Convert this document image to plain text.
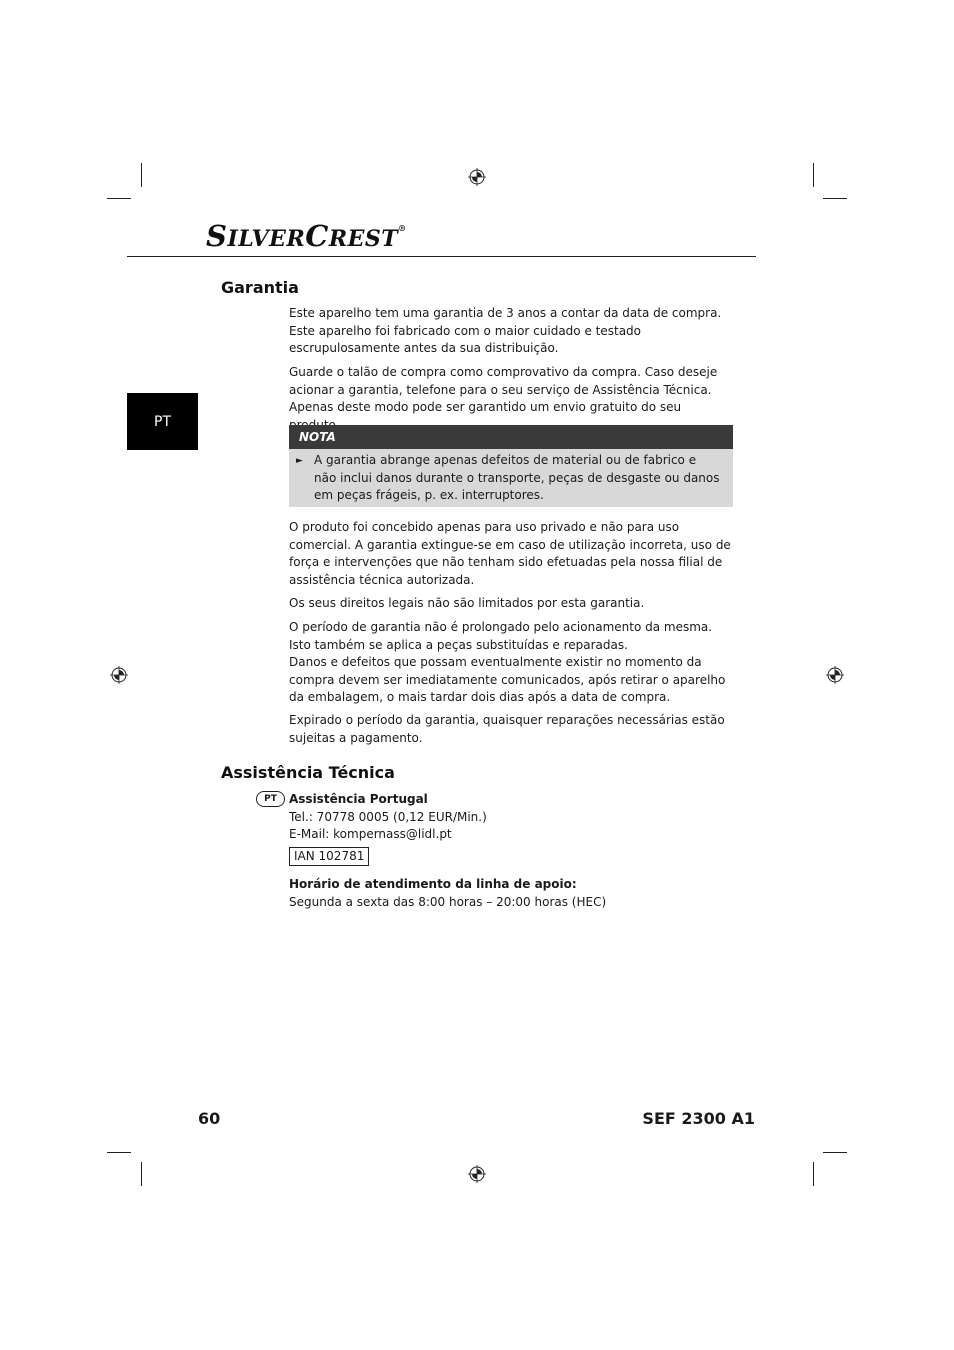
SILVERCREST®
PT
Garantia

Este aparelho tem uma garantia de 3 anos a contar da data de compra. Este aparelho foi fabricado com o maior cuidado e testado escrupulosamente antes da sua distribuição.

Guarde o talão de compra como comprovativo da compra. Caso deseje acionar a garantia, telefone para o seu serviço de Assistência Técnica. Apenas deste modo pode ser garantido um envio gratuito do seu

NOTA
► A garantia abrange apenas defeitos de material ou de fabrico e não inclui danos durante o transporte, peças de desgaste ou danos em peças frágeis, p. ex. interruptores.

O produto foi concebido apenas para uso privado e não para uso comercial. A garantia extingue-se em caso de utilização incorreta, uso de força e intervenções que não tenham sido efetuadas pela nossa filial de assistência técnica autorizada.

Os seus direitos legais não são limitados por esta garantia.

O período de garantia não é prolongado pelo acionamento da mesma.
Isto também se aplica a peças substituídas e reparadas.
Danos e defeitos que possam eventualmente existir no momento da compra devem ser imediatamente comunicados, após retirar o aparelho da embalagem, o mais tardar dois dias após a data de compra.

Expirado o período da garantia, quaisquer reparações necessárias estão sujeitas a pagamento.

Assistência Técnica
PT	Assistência Portugal
Tel.: 70778 0005 (0,12 EUR/Min.)
E-Mail: kompernass@lidl.pt
IAN 102781
Horário de atendimento da linha de apoio:
Segunda a sexta das 8:00 horas – 20:00 horas (HEC)
60	SEF 2300 A1
